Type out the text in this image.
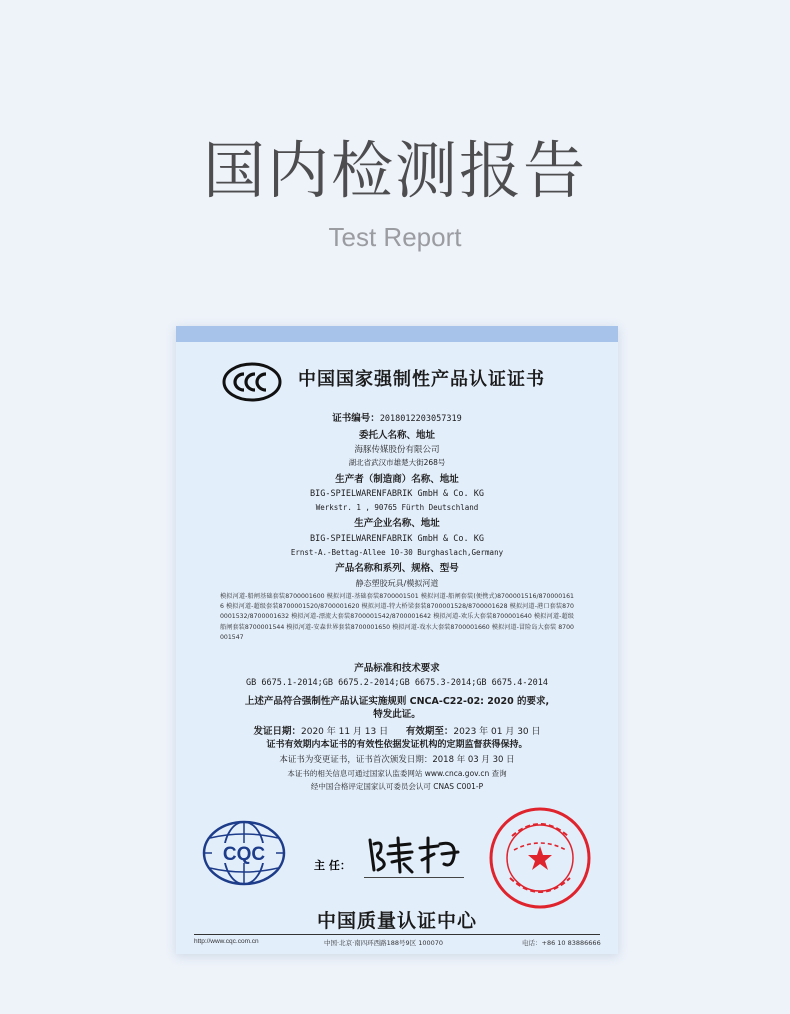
国内检测报告
Test Report
中国国家强制性产品认证证书
证书编号：2018012203057319
委托人名称、地址
海豚传媒股份有限公司
湖北省武汉市雄楚大街268号
生产者（制造商）名称、地址
BIG-SPIELWARENFABRIK GmbH & Co. KG
Werkstr. 1 , 90765 Fürth Deutschland
生产企业名称、地址
BIG-SPIELWARENFABRIK GmbH & Co. KG
Ernst-A.-Bettag-Allee 10-30 Burghaslach,Germany
产品名称和系列、规格、型号
静态塑胶玩具/模拟河道
模拟河道-船闸基础套装8700001600 模拟河道-基础套装8700001501 模拟河道-船闸套装(便携式)8700001516/8700001616 模拟河道-超级套装8700001520/8700001620 模拟河道-特大桥梁套装8700001528/8700001628 模拟河道-港口套装8700001532/8700001632 模拟河道-漂流大套装8700001542/8700001642 模拟河道-欢乐大套装8700001640 模拟河道-超级船闸套装8700001544 模拟河道-安森世界套装8700001650 模拟河道-戏水大套装8700001660 模拟河道-冒险岛大套装 8700001547
产品标准和技术要求
GB 6675.1-2014;GB 6675.2-2014;GB 6675.3-2014;GB 6675.4-2014
上述产品符合强制性产品认证实施规则 CNCA-C22-02: 2020 的要求,
特发此证。
发证日期：2020 年 11 月 13 日 有效期至：2023 年 01 月 30 日
证书有效期内本证书的有效性依据发证机构的定期监督获得保持。
本证书为变更证书，证书首次颁发日期：2018 年 03 月 30 日
本证书的相关信息可通过国家认监委网站 www.cnca.gov.cn 查询
经中国合格评定国家认可委员会认可 CNAS C001-P
CQC
主 任：
中国质量认证中心
http://www.cqc.com.cn	中国·北京·南四环西路188号9区 100070	电话：+86 10 83886666
